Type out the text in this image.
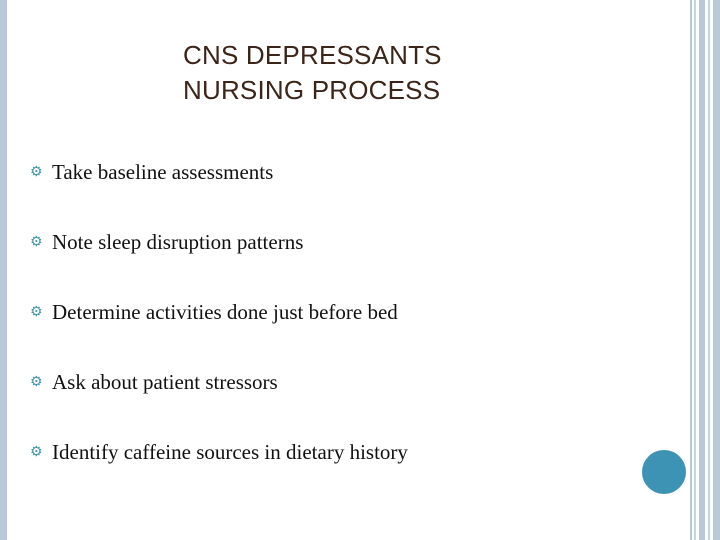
CNS DEPRESSANTS
NURSING PROCESS
⚙ Take baseline assessments
⚙ Note sleep disruption patterns
⚙ Determine activities done just before bed
⚙ Ask about patient stressors
⚙ Identify caffeine sources in dietary history
